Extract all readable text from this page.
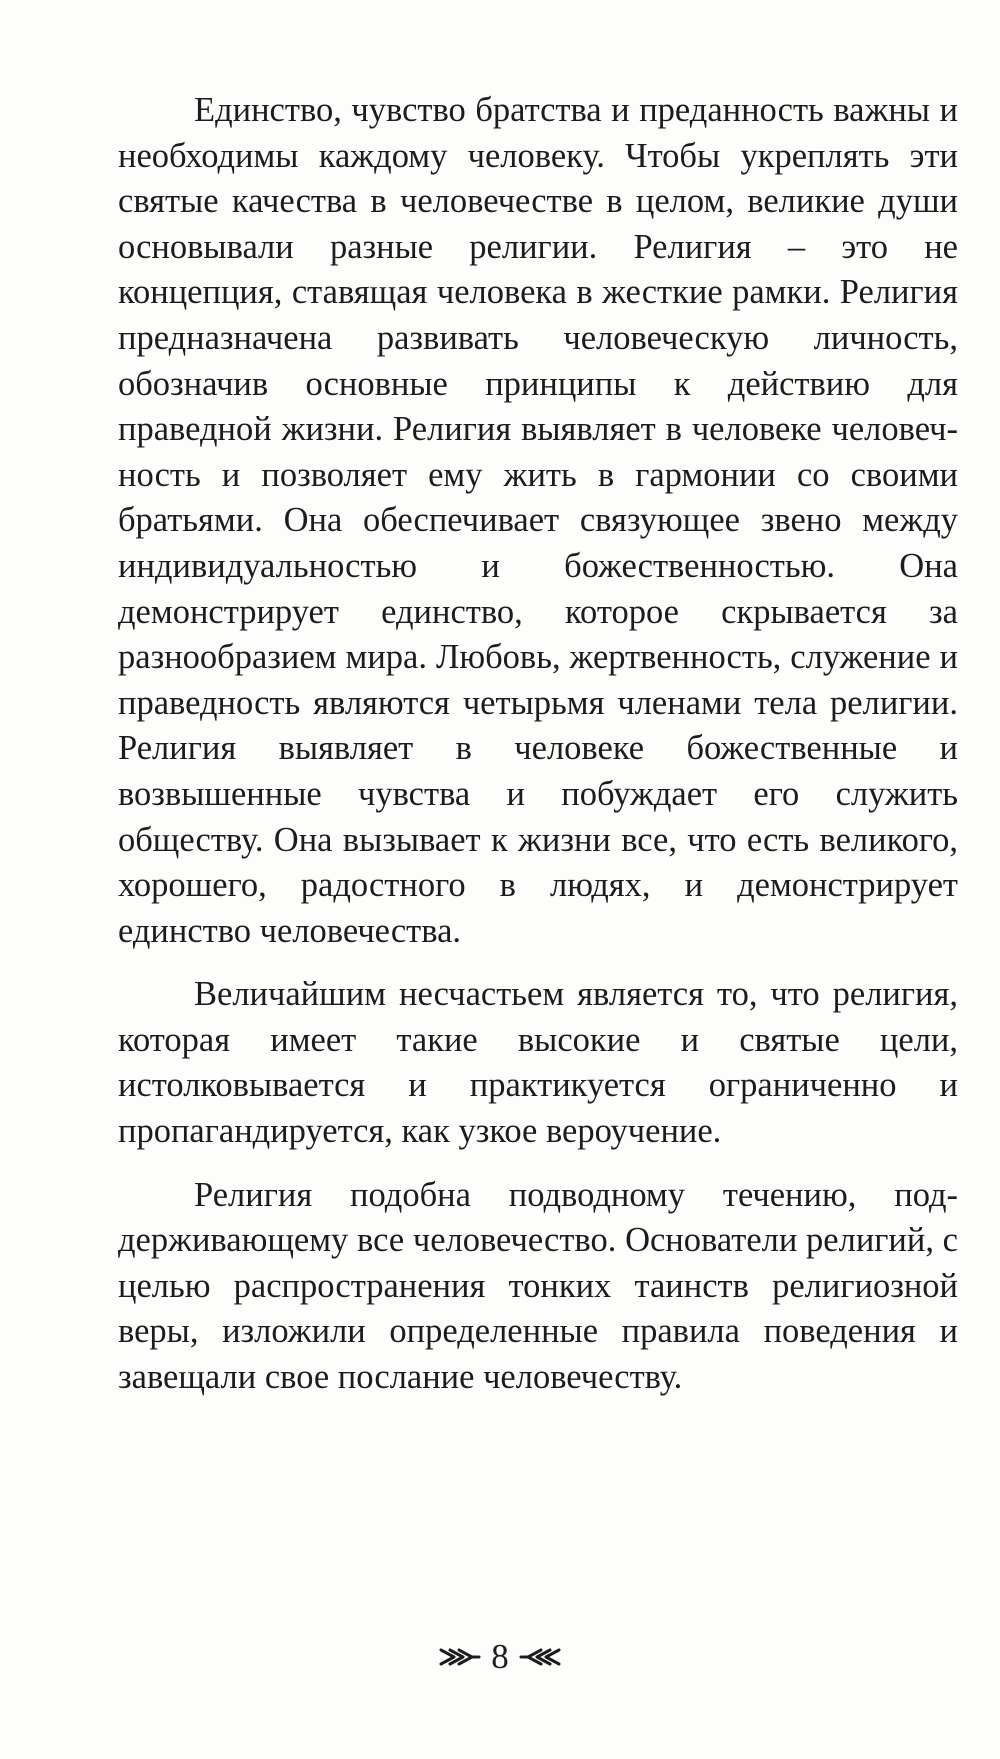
Единство, чувство братства и преданность важны и необходимы каждому человеку. Чтобы укреплять эти святые качества в человечестве в целом, великие души основывали разные религии. Религия – это не концепция, ставящая человека в жесткие рамки. Религия предназначена развивать человеческую личность, обозначив основные принципы к действию для праведной жизни. Религия выявляет в человеке человечность и позволяет ему жить в гармонии со своими братьями. Она обеспечивает связующее звено между индивидуальностью и божественностью. Она демонстрирует единство, которое скрывается за разнообразием мира. Любовь, жертвенность, служение и праведность являются четырьмя членами тела религии. Религия выявляет в человеке божественные и возвышенные чувства и побуждает его служить обществу. Она вызывает к жизни все, что есть великого, хорошего, радостного в людях, и демонстрирует единство человечества.

Величайшим несчастьем является то, что религия, которая имеет такие высокие и святые цели, истолковывается и практикуется ограниченно и пропагандируется, как узкое вероучение.

Религия подобна подводному течению, поддерживающему все человечество. Основатели религий, с целью распространения тонких таинств религиозной веры, изложили определенные правила поведения и завещали свое послание человечеству.

8
